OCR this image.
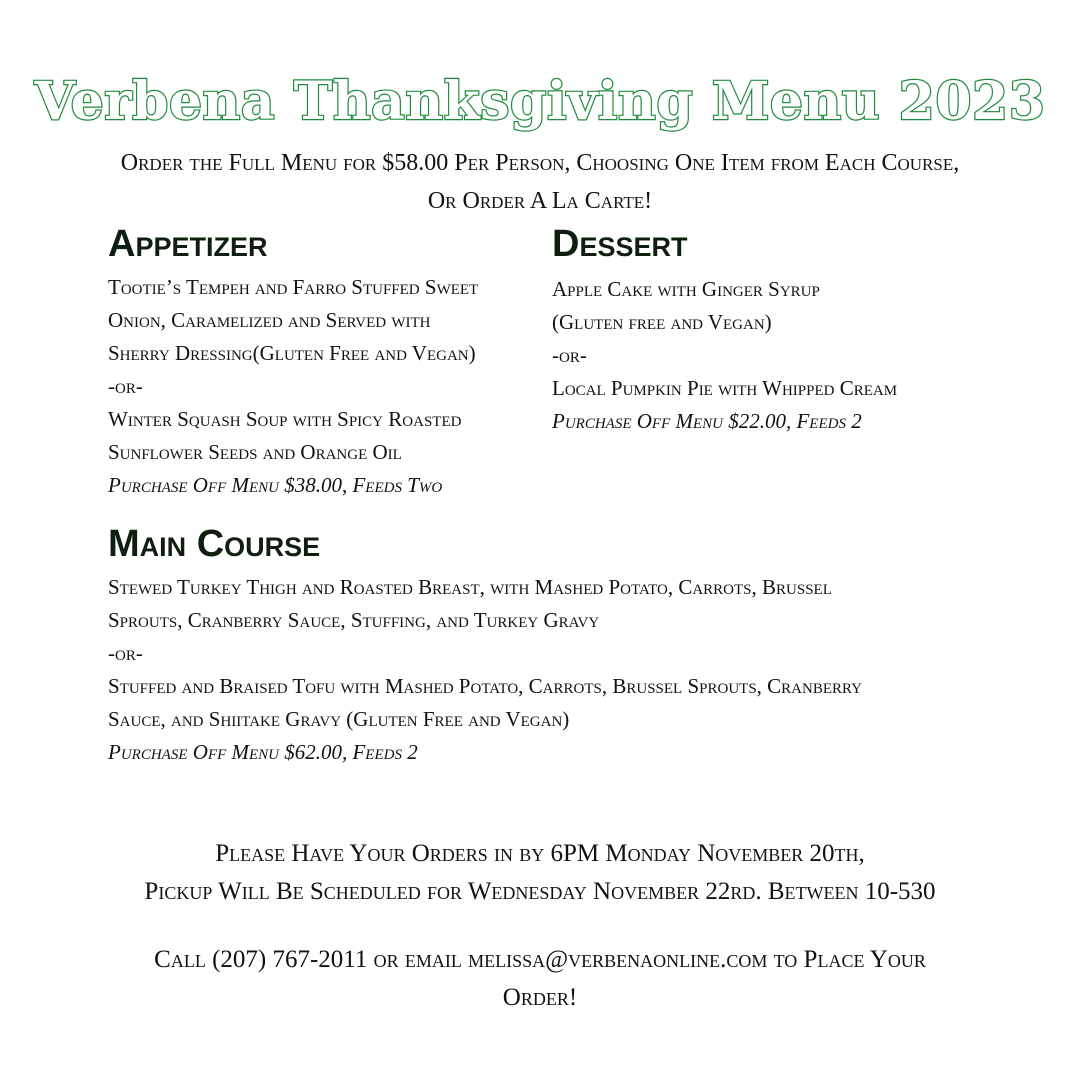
Verbena Thanksgiving Menu 2023
Order the Full Menu for $58.00 Per Person, Choosing One Item from Each Course,
Or Order A La Carte!
Appetizer
Tootie’s Tempeh and Farro Stuffed Sweet
Onion, Caramelized and Served with
Sherry Dressing(Gluten Free and Vegan)
-or-
Winter Squash Soup with Spicy Roasted
Sunflower Seeds and Orange Oil
Purchase Off Menu $38.00, Feeds Two
Dessert
Apple Cake with Ginger Syrup
(Gluten free and Vegan)
-or-
Local Pumpkin Pie with Whipped Cream
Purchase Off Menu $22.00, Feeds 2
Main Course
Stewed Turkey Thigh and Roasted Breast, with Mashed Potato, Carrots, Brussel
Sprouts, Cranberry Sauce, Stuffing, and Turkey Gravy
-or-
Stuffed and Braised Tofu with Mashed Potato, Carrots, Brussel Sprouts, Cranberry
Sauce, and Shiitake Gravy (Gluten Free and Vegan)
Purchase Off Menu $62.00, Feeds 2
Please Have Your Orders in by 6PM Monday November 20th,
Pickup Will Be Scheduled for Wednesday November 22rd. Between 10-530
Call (207) 767-2011 or email melissa@verbenaonline.com to Place Your
Order!
